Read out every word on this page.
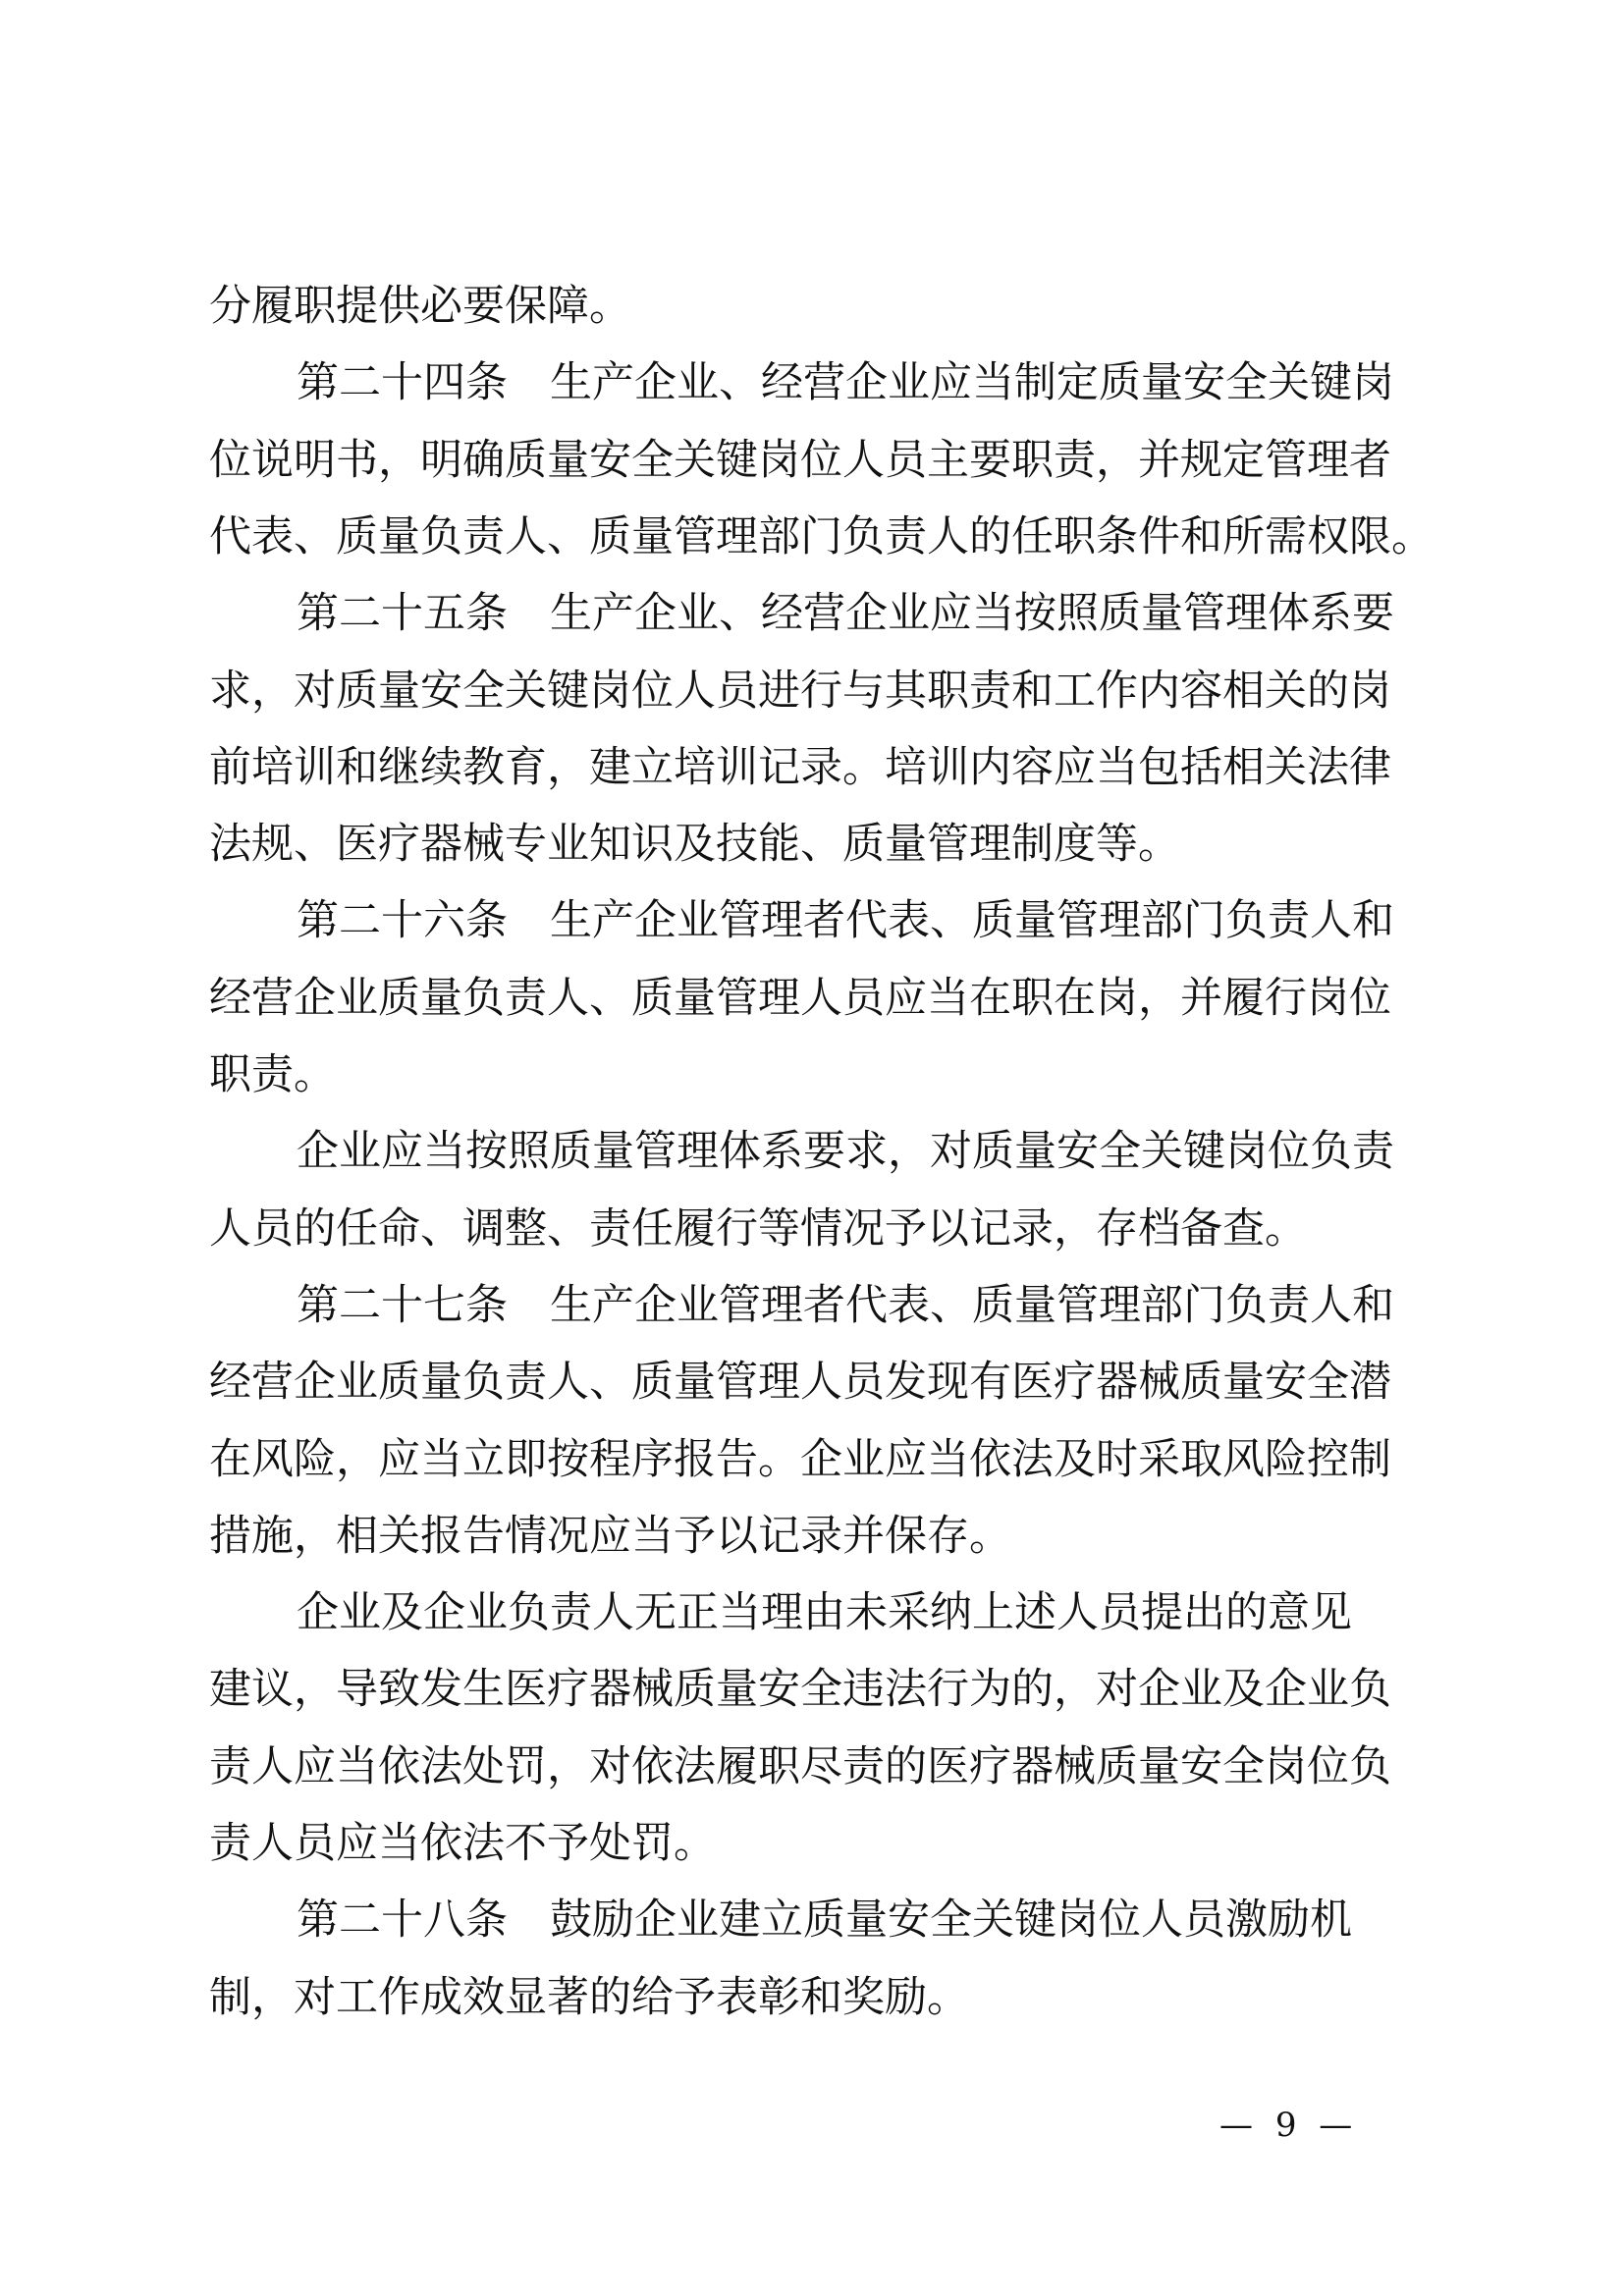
分履职提供必要保障。
第二十四条 生产企业、经营企业应当制定质量安全关键岗
位说明书，明确质量安全关键岗位人员主要职责，并规定管理者
代表、质量负责人、质量管理部门负责人的任职条件和所需权限。
第二十五条 生产企业、经营企业应当按照质量管理体系要
求，对质量安全关键岗位人员进行与其职责和工作内容相关的岗
前培训和继续教育，建立培训记录。培训内容应当包括相关法律
法规、医疗器械专业知识及技能、质量管理制度等。
第二十六条 生产企业管理者代表、质量管理部门负责人和
经营企业质量负责人、质量管理人员应当在职在岗，并履行岗位
职责。
企业应当按照质量管理体系要求，对质量安全关键岗位负责
人员的任命、调整、责任履行等情况予以记录，存档备查。
第二十七条 生产企业管理者代表、质量管理部门负责人和
经营企业质量负责人、质量管理人员发现有医疗器械质量安全潜
在风险，应当立即按程序报告。企业应当依法及时采取风险控制
措施，相关报告情况应当予以记录并保存。
企业及企业负责人无正当理由未采纳上述人员提出的意见
建议，导致发生医疗器械质量安全违法行为的，对企业及企业负
责人应当依法处罚，对依法履职尽责的医疗器械质量安全岗位负
责人员应当依法不予处罚。
第二十八条 鼓励企业建立质量安全关键岗位人员激励机
制，对工作成效显著的给予表彰和奖励。
— 9 —
